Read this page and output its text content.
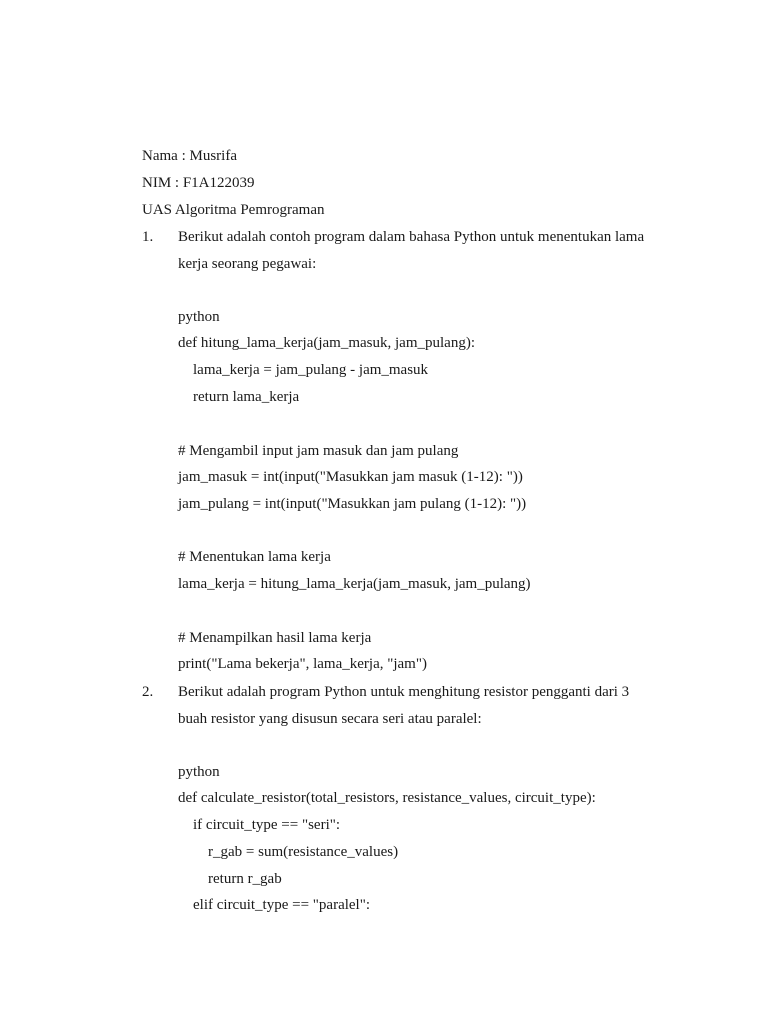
Nama : Musrifa
NIM : F1A122039
UAS Algoritma Pemrograman
1. Berikut adalah contoh program dalam bahasa Python untuk menentukan lama
kerja seorang pegawai:
python
def hitung_lama_kerja(jam_masuk, jam_pulang):
lama_kerja = jam_pulang - jam_masuk
return lama_kerja
# Mengambil input jam masuk dan jam pulang
jam_masuk = int(input("Masukkan jam masuk (1-12): "))
jam_pulang = int(input("Masukkan jam pulang (1-12): "))
# Menentukan lama kerja
lama_kerja = hitung_lama_kerja(jam_masuk, jam_pulang)
# Menampilkan hasil lama kerja
print("Lama bekerja", lama_kerja, "jam")
2. Berikut adalah program Python untuk menghitung resistor pengganti dari 3
buah resistor yang disusun secara seri atau paralel:
python
def calculate_resistor(total_resistors, resistance_values, circuit_type):
if circuit_type == "seri":
r_gab = sum(resistance_values)
return r_gab
elif circuit_type == "paralel":
